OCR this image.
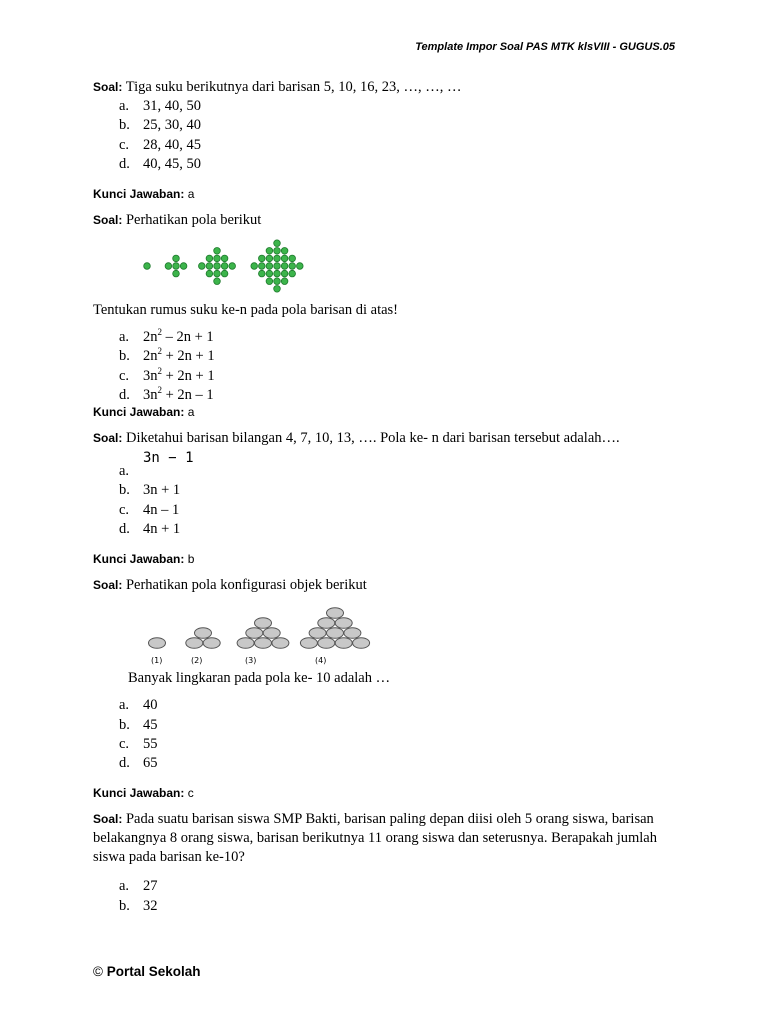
Template Impor Soal PAS MTK klsVIII - GUGUS.05
Soal: Tiga suku berikutnya dari barisan 5, 10, 16, 23, …, …, …
a. 31, 40, 50
b. 25, 30, 40
c. 28, 40, 45
d. 40, 45, 50
Kunci Jawaban: a
Soal: Perhatikan pola berikut
Tentukan rumus suku ke-n pada pola barisan di atas!
a. $2n^2 - 2n + 1$
b. $2n^2 + 2n + 1$
c. $3n^2 + 2n + 1$
d. $3n^2 + 2n - 1$
Kunci Jawaban: a
Soal: Diketahui barisan bilangan 4, 7, 10, 13, …. Pola ke- n dari barisan tersebut adalah….
a.
3n − 1
b. 3n + 1
c. 4n – 1
d. 4n + 1
Kunci Jawaban: b
Soal: Perhatikan pola konfigurasi objek berikut
(1)	(2)	(3)	(4)
Banyak lingkaran pada pola ke- 10 adalah …
a. 40
b. 45
c. 55
d. 65
Kunci Jawaban: c
Soal: Pada suatu barisan siswa SMP Bakti, barisan paling depan diisi oleh 5 orang siswa, barisan belakangnya 8 orang siswa, barisan berikutnya 11 orang siswa dan seterusnya. Berapakah jumlah siswa pada barisan ke-10?
a. 27
b. 32
© Portal Sekolah
